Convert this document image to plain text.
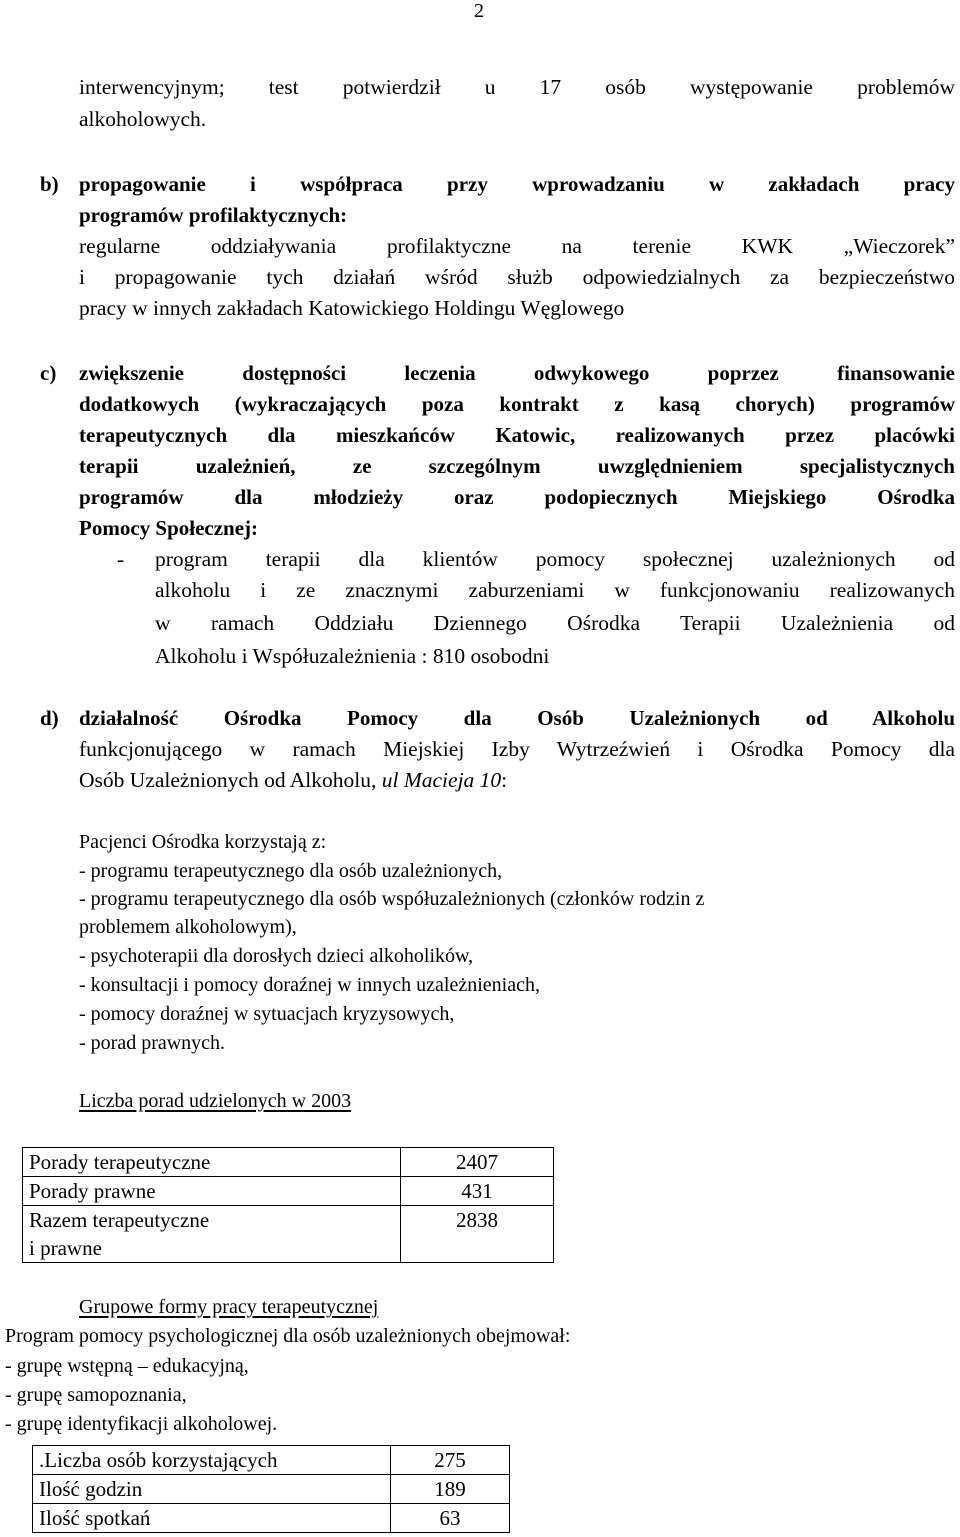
2
interwencyjnym; test potwierdził u 17 osób występowanie problemów
alkoholowych.
b) propagowanie i współpraca przy wprowadzaniu w zakładach pracy
programów profilaktycznych:
regularne oddziaływania profilaktyczne na terenie KWK „Wieczorek”
i propagowanie tych działań wśród służb odpowiedzialnych za bezpieczeństwo
pracy w innych zakładach Katowickiego Holdingu Węglowego
c) zwiększenie dostępności leczenia odwykowego poprzez finansowanie
dodatkowych (wykraczających poza kontrakt z kasą chorych) programów
terapeutycznych dla mieszkańców Katowic, realizowanych przez placówki
terapii uzależnień, ze szczególnym uwzględnieniem specjalistycznych
programów dla młodzieży oraz podopiecznych Miejskiego Ośrodka
Pomocy Społecznej:
- program terapii dla klientów pomocy społecznej uzależnionych od
alkoholu i ze znacznymi zaburzeniami w funkcjonowaniu realizowanych
w ramach Oddziału Dziennego Ośrodka Terapii Uzależnienia od
Alkoholu i Współuzależnienia : 810 osobodni
d) działalność Ośrodka Pomocy dla Osób Uzależnionych od Alkoholu
funkcjonującego w ramach Miejskiej Izby Wytrzeźwień i Ośrodka Pomocy dla
Osób Uzależnionych od Alkoholu, ul Macieja 10:
Pacjenci Ośrodka korzystają z:
- programu terapeutycznego dla osób uzależnionych,
- programu terapeutycznego dla osób współuzależnionych (członków rodzin z
problemem alkoholowym),
- psychoterapii dla dorosłych dzieci alkoholików,
- konsultacji i pomocy doraźnej w innych uzależnieniach,
- pomocy doraźnej w sytuacjach kryzysowych,
- porad prawnych.
Liczba porad udzielonych w 2003
Porady terapeutyczne	2407
Porady prawne	431

Razem terapeutyczne
i prawne	2838
Grupowe formy pracy terapeutycznej
Program pomocy psychologicznej dla osób uzależnionych obejmował:
- grupę wstępną – edukacyjną,
- grupę samopoznania,
- grupę identyfikacji alkoholowej.
.Liczba osób korzystających	275
Ilość godzin	189
Ilość spotkań	63
